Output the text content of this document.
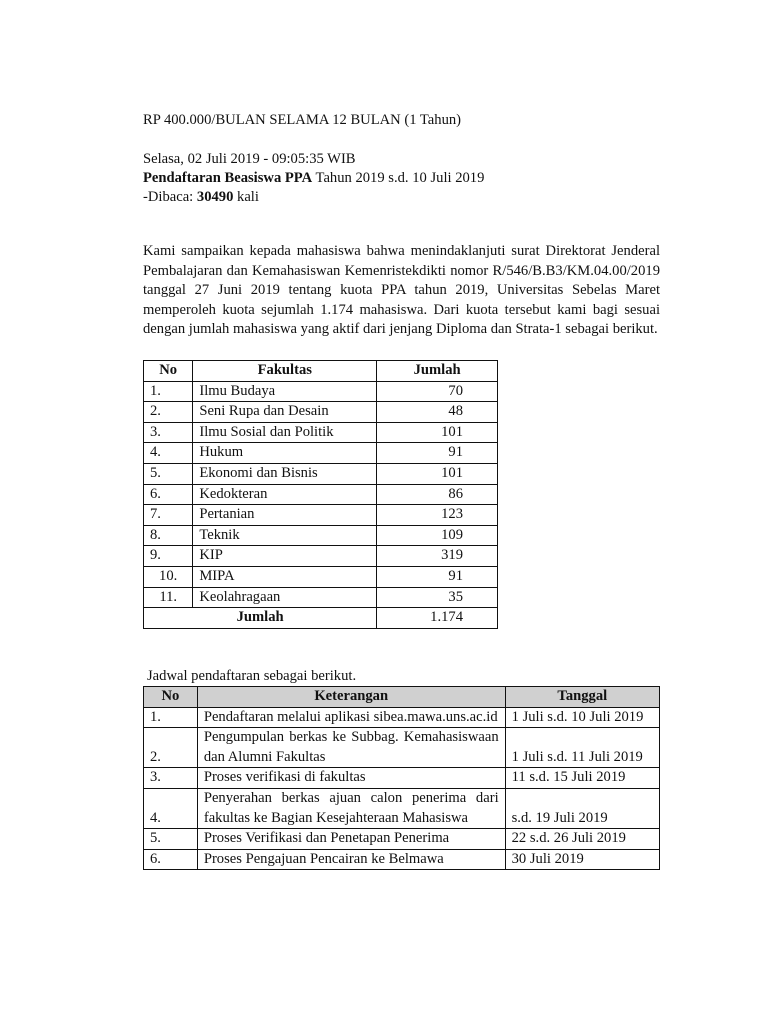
RP 400.000/BULAN SELAMA 12 BULAN (1 Tahun)
Selasa, 02 Juli 2019 - 09:05:35 WIB
Pendaftaran Beasiswa PPA Tahun 2019 s.d. 10 Juli 2019
-Dibaca: 30490 kali
Kami sampaikan kepada mahasiswa bahwa menindaklanjuti surat Direktorat Jenderal Pembalajaran dan Kemahasiswan Kemenristekdikti nomor R/546/B.B3/KM.04.00/2019 tanggal 27 Juni 2019 tentang kuota PPA tahun 2019, Universitas Sebelas Maret memperoleh kuota sejumlah 1.174 mahasiswa. Dari kuota tersebut kami bagi sesuai dengan jumlah mahasiswa yang aktif dari jenjang Diploma dan Strata-1 sebagai berikut.
No	Fakultas	Jumlah
1.	Ilmu Budaya	70
2.	Seni Rupa dan Desain	48
3.	Ilmu Sosial dan Politik	101
4.	Hukum	91
5.	Ekonomi dan Bisnis	101
6.	Kedokteran	86
7.	Pertanian	123
8.	Teknik	109
9.	KIP	319
10.	MIPA	91
11.	Keolahragaan	35
Jumlah		1.174
Jadwal pendaftaran sebagai berikut.
No	Keterangan	Tanggal
1.	Pendaftaran melalui aplikasi sibea.mawa.uns.ac.id	1 Juli s.d. 10 Juli 2019
2.	Pengumpulan berkas ke Subbag. Kemahasiswaan dan Alumni Fakultas	1 Juli s.d. 11 Juli 2019
3.	Proses verifikasi di fakultas	11 s.d. 15 Juli 2019
4.	Penyerahan berkas ajuan calon penerima dari fakultas ke Bagian Kesejahteraan Mahasiswa	s.d. 19 Juli 2019
5.	Proses Verifikasi dan Penetapan Penerima	22 s.d. 26 Juli 2019
6.	Proses Pengajuan Pencairan ke Belmawa	30 Juli 2019
